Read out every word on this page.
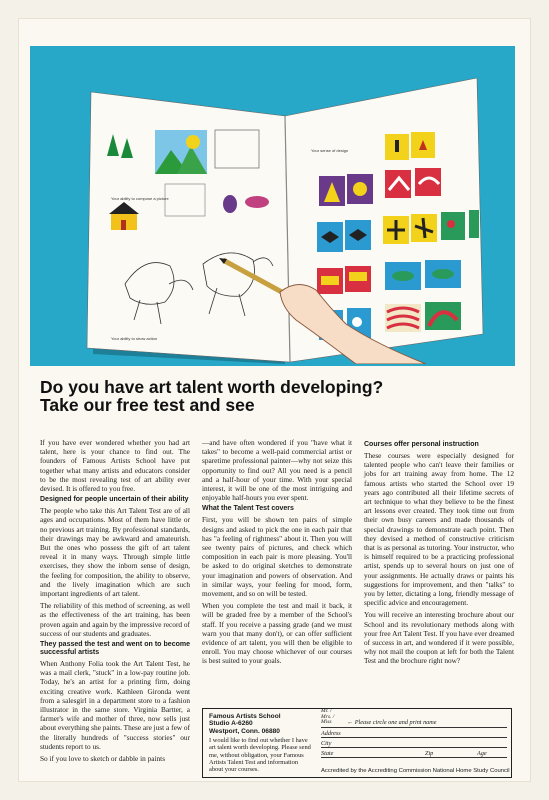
Your ability to compose a picture
Your ability to show action
Your sense of design
Do you have art talent worth developing?
Take our free test and see

If you have ever wondered whether you had art talent, here is your chance to find out. The founders of Famous Artists School have put together what many artists and educators consider to be the most revealing test of art ability ever devised. It is offered to you free.

Designed for people uncertain of their ability

The people who take this Art Talent Test are of all ages and occupations. Most of them have little or no previous art training. By professional standards, their drawings may be awkward and amateurish. But the ones who possess the gift of art talent reveal it in many ways. Through simple little exercises, they show the inborn sense of design, the feeling for composition, the ability to observe, and the lively imagination which are such important ingredients of art talent.

The reliability of this method of screening, as well as the effectiveness of the art training, has been proven again and again by the impressive record of success of our students and graduates.

They passed the test and went on to become successful artists

When Anthony Folia took the Art Talent Test, he was a mail clerk, "stuck" in a low-pay routine job. Today, he's an artist for a printing firm, doing exciting creative work. Kathleen Gironda went from a salesgirl in a department store to a fashion illustrator in the same store. Virginia Bartter, a farmer's wife and mother of three, now sells just about everything she paints. These are just a few of the literally hundreds of "success stories" our students report to us.

So if you love to sketch or dabble in paints

—and have often wondered if you "have what it takes" to become a well-paid commercial artist or sparetime professional painter—why not seize this opportunity to find out? All you need is a pencil and a half-hour of your time. With your special interest, it will be one of the most intriguing and enjoyable half-hours you ever spent.

What the Talent Test covers

First, you will be shown ten pairs of simple designs and asked to pick the one in each pair that has "a feeling of rightness" about it. Then you will see twenty pairs of pictures, and check which composition in each pair is more pleasing. You'll be asked to do original sketches to demonstrate your imagination and powers of observation. And in similar ways, your feeling for mood, form, movement, and so on will be tested.

When you complete the test and mail it back, it will be graded free by a member of the School's staff. If you receive a passing grade (and we must warn you that many don't), or can offer sufficient evidence of art talent, you will then be eligible to enroll. You may choose whichever of our courses is best suited to your goals.

Courses offer personal instruction

These courses were especially designed for talented people who can't leave their families or jobs for art training away from home. The 12 famous artists who started the School over 19 years ago contributed all their lifetime secrets of art technique to what they believe to be the finest art lessons ever created. They took time out from their own busy careers and made thousands of special drawings to demonstrate each point. Then they devised a method of constructive criticism that is as personal as tutoring. Your instructor, who is himself required to be a practicing professional artist, spends up to several hours on just one of your assignments. He actually draws or paints his suggestions for improvement, and then "talks" to you by letter, dictating a long, friendly message of specific advice and encouragement.

You will receive an interesting brochure about our School and its revolutionary methods along with your free Art Talent Test. If you have ever dreamed of success in art, and wondered if it were possible, why not mail the coupon at left for both the Talent Test and the brochure right now?

Famous Artists School
Studio A-6260
Westport, Conn. 06880
I would like to find out whether I have art talent worth developing. Please send me, without obligation, your Famous Artists Talent Test and information about your courses.
Mr. / Mrs. / Miss	← Please circle one and print name
Address
City
State	Zip	Age
Accredited by the Accrediting Commission National Home Study Council
